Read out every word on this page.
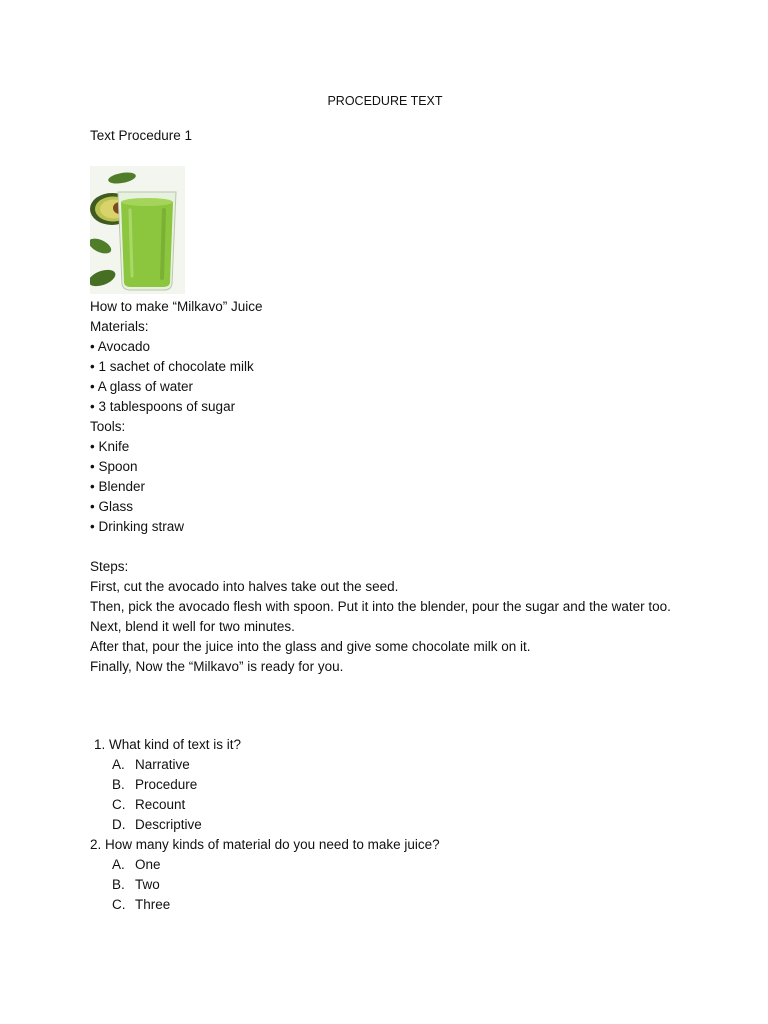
PROCEDURE TEXT
Text Procedure 1
How to make “Milkavo” Juice
Materials:
• Avocado
• 1 sachet of chocolate milk
• A glass of water
• 3 tablespoons of sugar
Tools:
• Knife
• Spoon
• Blender
• Glass
• Drinking straw
Steps:
First, cut the avocado into halves take out the seed.
Then, pick the avocado flesh with spoon. Put it into the blender, pour the sugar and the water too.
Next, blend it well for two minutes.
After that, pour the juice into the glass and give some chocolate milk on it.
Finally, Now the “Milkavo” is ready for you.
1. What kind of text is it?
A. Narrative
B. Procedure
C. Recount
D. Descriptive
2. How many kinds of material do you need to make juice?
A. One
B. Two
C. Three
